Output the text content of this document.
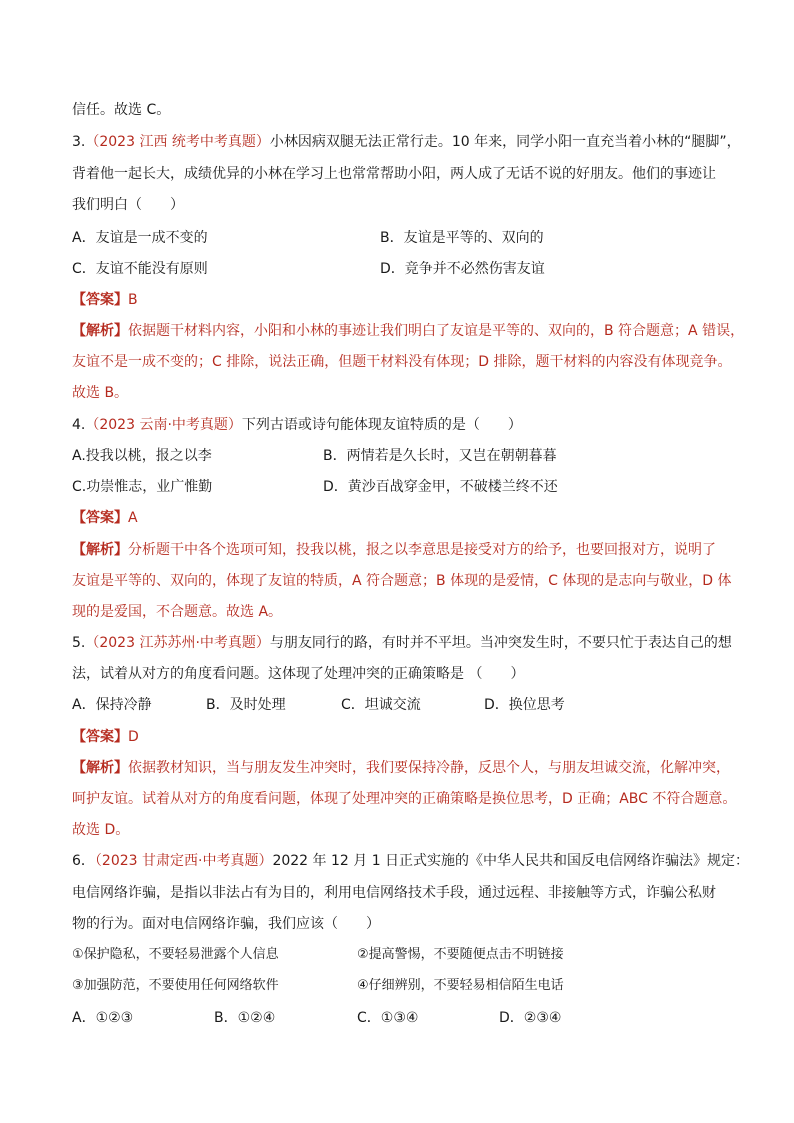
信任。故选 C。
3.（2023 江西 统考中考真题）小林因病双腿无法正常行走。10 年来，同学小阳一直充当着小林的“腿脚”，
背着他一起长大，成绩优异的小林在学习上也常常帮助小阳，两人成了无话不说的好朋友。他们的事迹让
我们明白（　　）
A．友谊是一成不变的	B．友谊是平等的、双向的
C．友谊不能没有原则	D．竞争并不必然伤害友谊
【答案】B
【解析】依据题干材料内容，小阳和小林的事迹让我们明白了友谊是平等的、双向的，B 符合题意；A 错误，
友谊不是一成不变的；C 排除，说法正确，但题干材料没有体现；D 排除，题干材料的内容没有体现竞争。
故选 B。
4.（2023 云南·中考真题）下列古语或诗句能体现友谊特质的是（　　）
A.投我以桃，报之以李	B．两情若是久长时，又岂在朝朝暮暮
C.功崇惟志，业广惟勤	D．黄沙百战穿金甲，不破楼兰终不还
【答案】A
【解析】分析题干中各个选项可知，投我以桃，报之以李意思是接受对方的给予，也要回报对方，说明了
友谊是平等的、双向的，体现了友谊的特质，A 符合题意；B 体现的是爱情，C 体现的是志向与敬业，D 体
现的是爱国，不合题意。故选 A。
5.（2023 江苏苏州·中考真题）与朋友同行的路，有时并不平坦。当冲突发生时，不要只忙于表达自己的想
法，试着从对方的角度看问题。这体现了处理冲突的正确策略是 （　　）
A．保持冷静	B．及时处理	C．坦诚交流	D．换位思考
【答案】D
【解析】依据教材知识，当与朋友发生冲突时，我们要保持冷静，反思个人，与朋友坦诚交流，化解冲突，
呵护友谊。试着从对方的角度看问题，体现了处理冲突的正确策略是换位思考，D 正确；ABC 不符合题意。
故选 D。
6．（2023 甘肃定西·中考真题）2022 年 12 月 1 日正式实施的《中华人民共和国反电信网络诈骗法》规定：
电信网络诈骗，是指以非法占有为目的，利用电信网络技术手段，通过远程、非接触等方式，诈骗公私财
物的行为。面对电信网络诈骗，我们应该（　　）
①保护隐私，不要轻易泄露个人信息	②提高警惕，不要随便点击不明链接
③加强防范，不要使用任何网络软件	④仔细辨别，不要轻易相信陌生电话
A．①②③	B．①②④	C．①③④	D．②③④
